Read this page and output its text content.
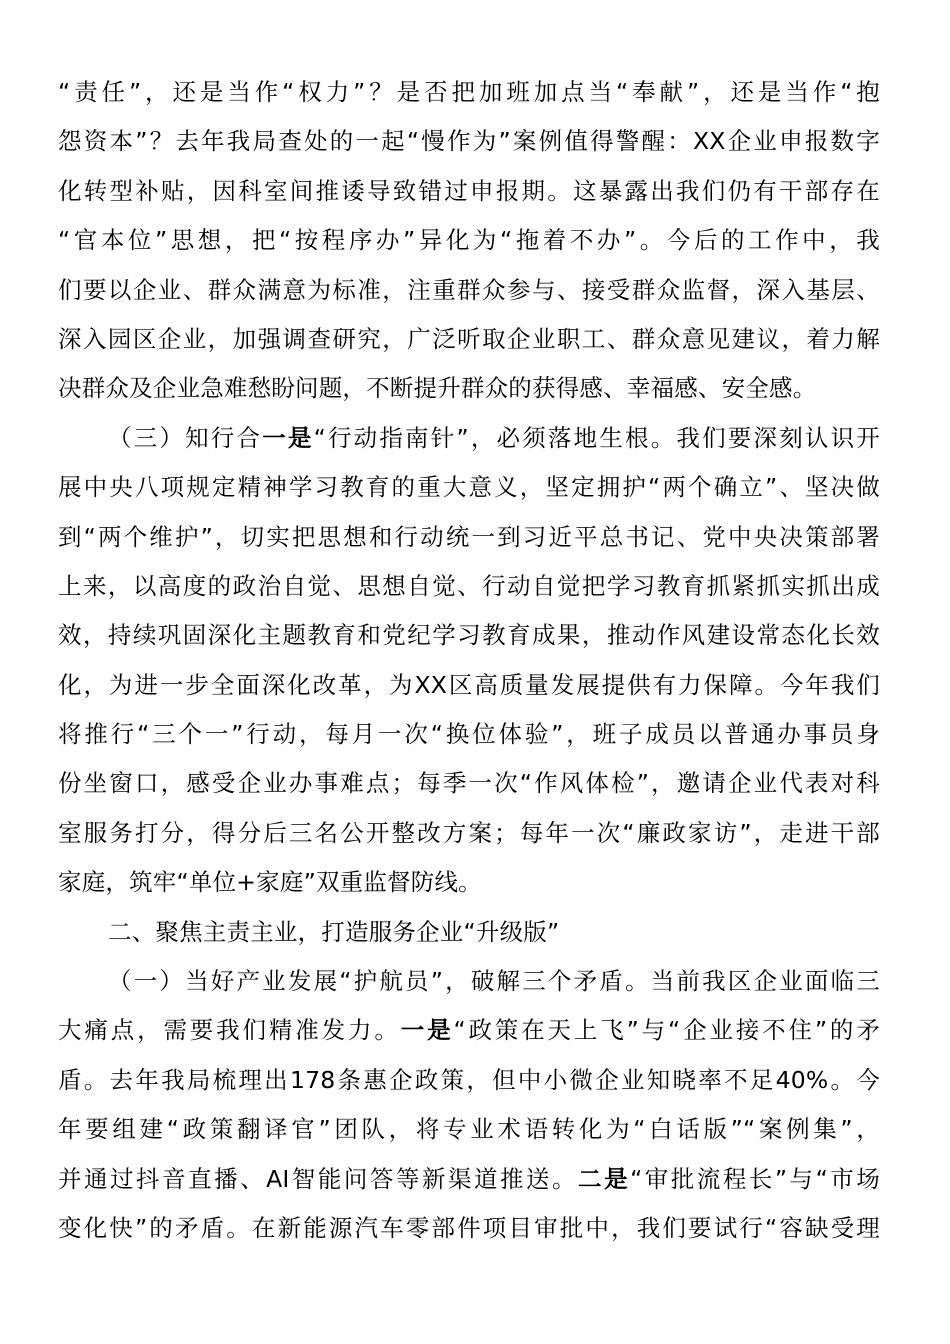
“责任”，还是当作“权力”？是否把加班加点当“奉献”，还是当作“抱
怨资本”？去年我局查处的一起“慢作为”案例值得警醒：XX企业申报数字
化转型补贴，因科室间推诿导致错过申报期。这暴露出我们仍有干部存在
“官本位”思想，把“按程序办”异化为“拖着不办”。今后的工作中，我
们要以企业、群众满意为标准，注重群众参与、接受群众监督，深入基层、
深入园区企业，加强调查研究，广泛听取企业职工、群众意见建议，着力解
决群众及企业急难愁盼问题，不断提升群众的获得感、幸福感、安全感。
（三）知行合一是“行动指南针”，必须落地生根。我们要深刻认识开
展中央八项规定精神学习教育的重大意义，坚定拥护“两个确立”、坚决做
到“两个维护”，切实把思想和行动统一到习近平总书记、党中央决策部署
上来，以高度的政治自觉、思想自觉、行动自觉把学习教育抓紧抓实抓出成
效，持续巩固深化主题教育和党纪学习教育成果，推动作风建设常态化长效
化，为进一步全面深化改革，为XX区高质量发展提供有力保障。今年我们
将推行“三个一”行动，每月一次“换位体验”，班子成员以普通办事员身
份坐窗口，感受企业办事难点；每季一次“作风体检”，邀请企业代表对科
室服务打分，得分后三名公开整改方案；每年一次“廉政家访”，走进干部
家庭，筑牢“单位+家庭”双重监督防线。
二、聚焦主责主业，打造服务企业“升级版”
（一）当好产业发展“护航员”，破解三个矛盾。当前我区企业面临三
大痛点，需要我们精准发力。一是“政策在天上飞”与“企业接不住”的矛
盾。去年我局梳理出178条惠企政策，但中小微企业知晓率不足40%。今
年要组建“政策翻译官”团队，将专业术语转化为“白话版”“案例集”，
并通过抖音直播、AI智能问答等新渠道推送。二是“审批流程长”与“市场
变化快”的矛盾。在新能源汽车零部件项目审批中，我们要试行“容缺受理
